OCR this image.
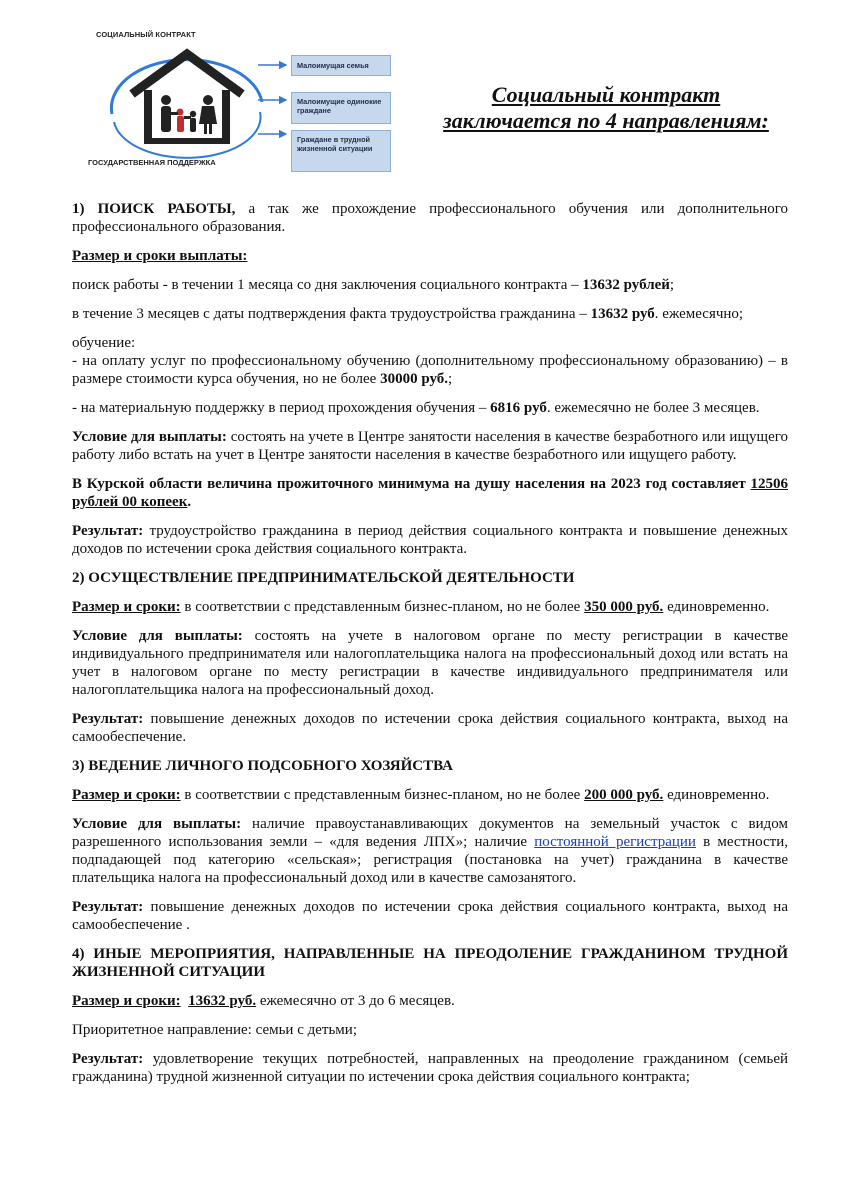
СОЦИАЛЬНЫЙ КОНТРАКТ
Малоимущая семья
Малоимущие одинокие граждане
Граждане в трудной жизненной ситуации
ГОСУДАРСТВЕННАЯ ПОДДЕРЖКА
Социальный контракт
заключается по 4 направлениям:

1) ПОИСК РАБОТЫ, а так же прохождение профессионального обучения или дополнительного профессионального образования.

Размер и сроки выплаты:

поиск работы - в течении 1 месяца со дня заключения социального контракта – 13632 рублей;

в течение 3 месяцев с даты подтверждения факта трудоустройства гражданина – 13632 руб. ежемесячно;

обучение:

- на оплату услуг по профессиональному обучению (дополнительному профессиональному образованию) – в размере стоимости курса обучения, но не более 30000 руб.;

- на материальную поддержку в период прохождения обучения – 6816 руб. ежемесячно не более 3 месяцев.

Условие для выплаты: состоять на учете в Центре занятости населения в качестве безработного или ищущего работу либо встать на учет в Центре занятости населения в качестве безработного или ищущего работу.

В Курской области величина прожиточного минимума на душу населения на 2023 год составляет 12506 рублей 00 копеек.

Результат: трудоустройство гражданина в период действия социального контракта и повышение денежных доходов по истечении срока действия социального контракта.

2) ОСУЩЕСТВЛЕНИЕ ПРЕДПРИНИМАТЕЛЬСКОЙ ДЕЯТЕЛЬНОСТИ

Размер и сроки: в соответствии с представленным бизнес-планом, но не более 350 000 руб. единовременно.

Условие для выплаты: состоять на учете в налоговом органе по месту регистрации в качестве индивидуального предпринимателя или налогоплательщика налога на профессиональный доход или встать на учет в налоговом органе по месту регистрации в качестве индивидуального предпринимателя или налогоплательщика налога на профессиональный доход.

Результат: повышение денежных доходов по истечении срока действия социального контракта, выход на самообеспечение.

3) ВЕДЕНИЕ ЛИЧНОГО ПОДСОБНОГО ХОЗЯЙСТВА

Размер и сроки: в соответствии с представленным бизнес-планом, но не более 200 000 руб. единовременно.

Условие для выплаты: наличие правоустанавливающих документов на земельный участок с видом разрешенного использования земли – «для ведения ЛПХ»; наличие постоянной регистрации в местности, подпадающей под категорию «сельская»; регистрация (постановка на учет) гражданина в качестве плательщика налога на профессиональный доход или в качестве самозанятого.

Результат: повышение денежных доходов по истечении срока действия социального контракта, выход на самообеспечение .

4) ИНЫЕ МЕРОПРИЯТИЯ, НАПРАВЛЕННЫЕ НА ПРЕОДОЛЕНИЕ ГРАЖДАНИНОМ ТРУДНОЙ ЖИЗНЕННОЙ СИТУАЦИИ

Размер и сроки: 13632 руб. ежемесячно от 3 до 6 месяцев.

Приоритетное направление: семьи с детьми;

Результат: удовлетворение текущих потребностей, направленных на преодоление гражданином (семьей гражданина) трудной жизненной ситуации по истечении срока действия социального контракта;
